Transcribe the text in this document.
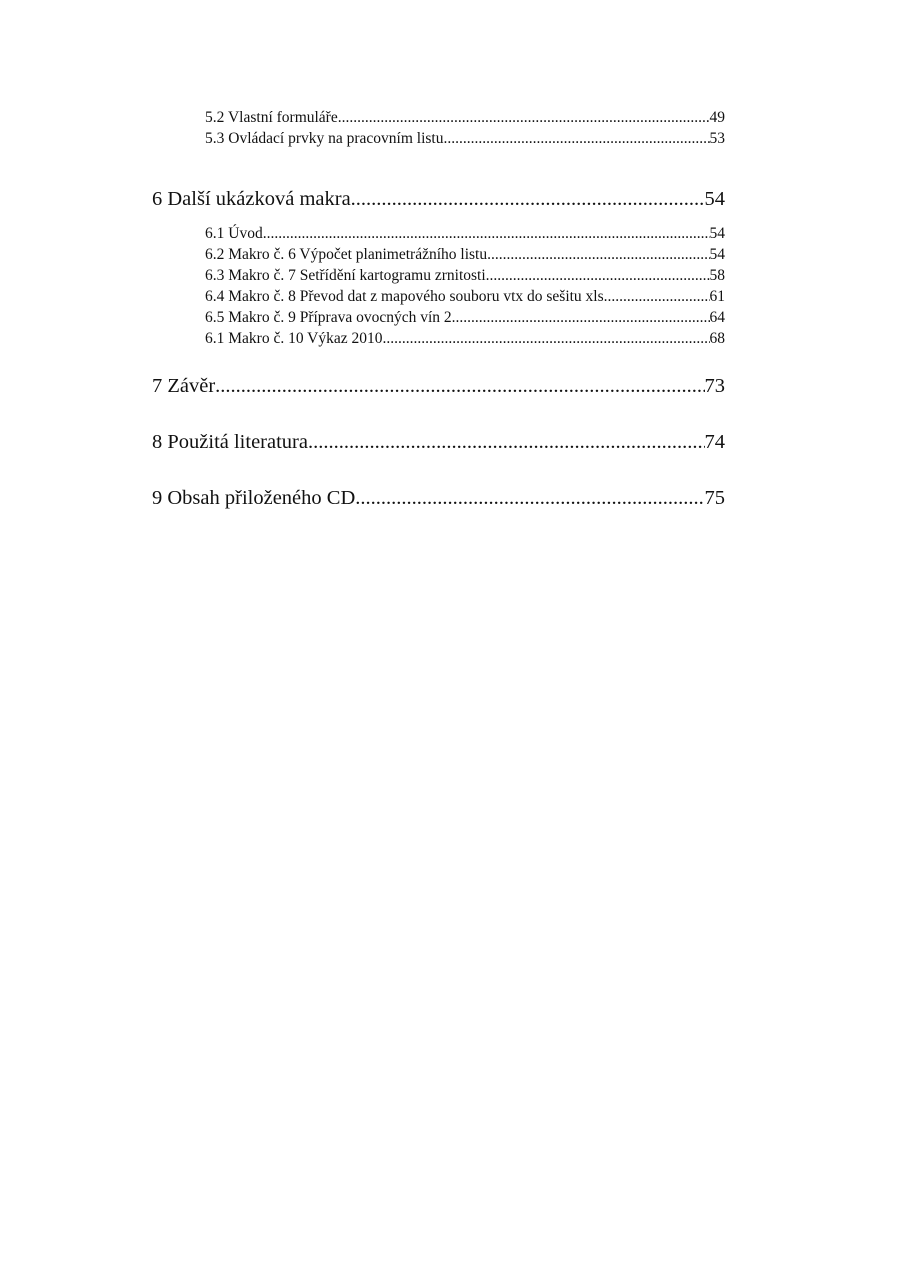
5.2 Vlastní formuláře. .....	49
5.3 Ovládací prvky na pracovním listu. .....	53
6 Další ukázková makra .....	54
6.1 Úvod. .....	54
6.2 Makro č. 6 Výpočet planimetrážního listu. .....	54
6.3 Makro č. 7 Setřídění kartogramu zrnitosti. .....	58
6.4 Makro č. 8 Převod dat z mapového souboru vtx do sešitu xls. .....	61
6.5 Makro č. 9 Příprava ovocných vín 2. .....	64
6.1 Makro č. 10 Výkaz 2010. .....	68
7 Závěr .....	73
8 Použitá literatura .....	74
9 Obsah přiloženého CD .....	75
